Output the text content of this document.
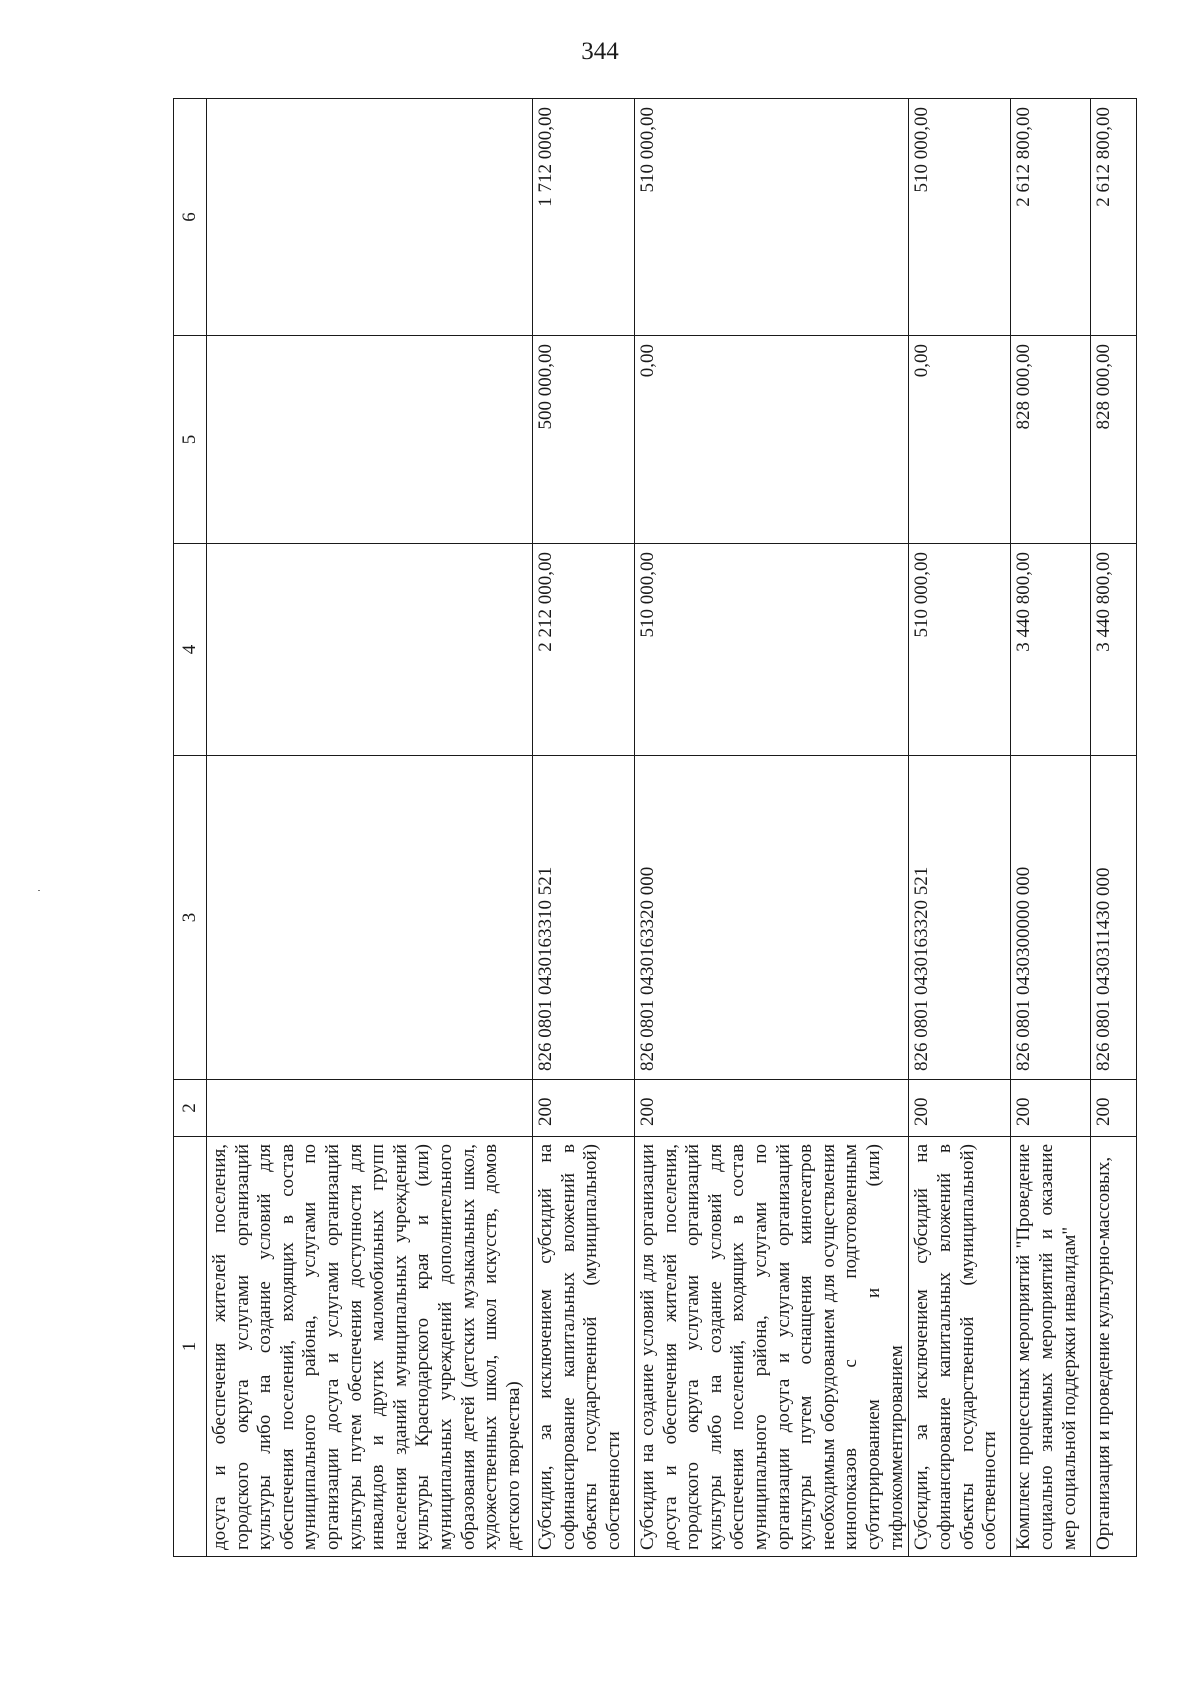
344
1	2	3	4	5	6
досуга и обеспечения жителей поселения, городского округа услугами организаций культуры либо на создание условий для обеспечения поселений, входящих в состав муниципального района, услугами по организации досуга и услугами организаций культуры путем обеспечения доступности для инвалидов и других маломобильных групп населения зданий муниципальных учреждений культуры Краснодарского края и (или) муниципальных учреждений дополнительного образования детей (детских музыкальных школ, художественных школ, школ искусств, домов детского творчества)					
Субсидии, за исключением субсидий на софинансирование капитальных вложений в объекты государственной (муниципальной) собственности	200	826 0801 0430163310 521	2 212 000,00	500 000,00	1 712 000,00
Субсидии на создание условий для организации досуга и обеспечения жителей поселения, городского округа услугами организаций культуры либо на создание условий для обеспечения поселений, входящих в состав муниципального района, услугами по организации досуга и услугами организаций культуры путем оснащения кинотеатров необходимым оборудованием для осуществления кинопоказов с подготовленным субтитрированием и (или) тифлокомментированием	200	826 0801 0430163320 000	510 000,00	0,00	510 000,00
Субсидии, за исключением субсидий на софинансирование капитальных вложений в объекты государственной (муниципальной) собственности	200	826 0801 0430163320 521	510 000,00	0,00	510 000,00
Комплекс процессных мероприятий "Проведение социально значимых мероприятий и оказание мер социальной поддержки инвалидам"	200	826 0801 0430300000 000	3 440 800,00	828 000,00	2 612 800,00
Организация и проведение культурно-массовых,	200	826 0801 0430311430 000	3 440 800,00	828 000,00	2 612 800,00
